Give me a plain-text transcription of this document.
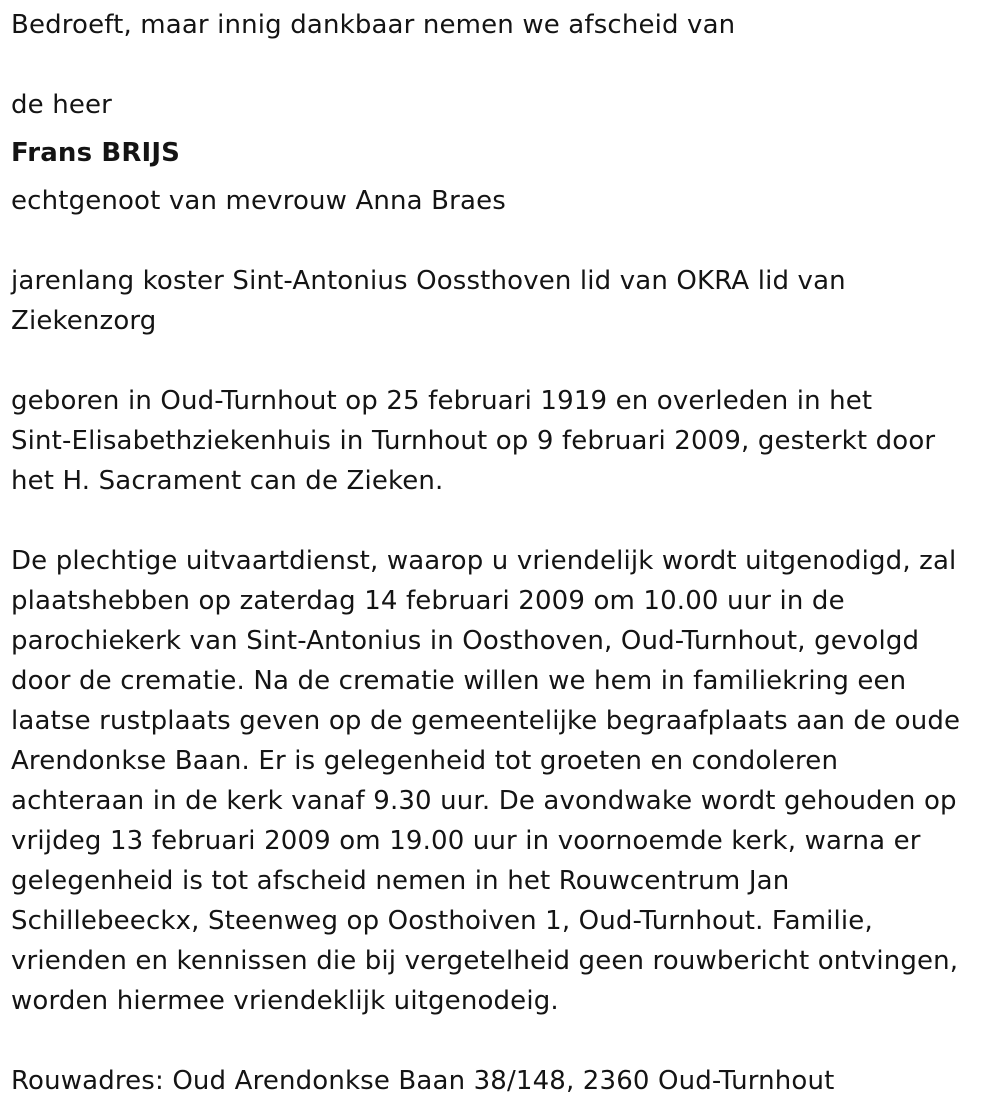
Bedroeft, maar innig dankbaar nemen we afscheid van
de heer
Frans BRIJS
echtgenoot van mevrouw Anna Braes
jarenlang koster Sint-Antonius Oossthoven lid van OKRA lid van
Ziekenzorg
geboren in Oud-Turnhout op 25 februari 1919 en overleden in het
Sint-Elisabethziekenhuis in Turnhout op 9 februari 2009, gesterkt door
het H. Sacrament can de Zieken.
De plechtige uitvaartdienst, waarop u vriendelijk wordt uitgenodigd, zal
plaatshebben op zaterdag 14 februari 2009 om 10.00 uur in de
parochiekerk van Sint-Antonius in Oosthoven, Oud-Turnhout, gevolgd
door de crematie. Na de crematie willen we hem in familiekring een
laatse rustplaats geven op de gemeentelijke begraafplaats aan de oude
Arendonkse Baan. Er is gelegenheid tot groeten en condoleren
achteraan in de kerk vanaf 9.30 uur. De avondwake wordt gehouden op
vrijdeg 13 februari 2009 om 19.00 uur in voornoemde kerk, warna er
gelegenheid is tot afscheid nemen in het Rouwcentrum Jan
Schillebeeckx, Steenweg op Oosthoiven 1, Oud-Turnhout. Familie,
vrienden en kennissen die bij vergetelheid geen rouwbericht ontvingen,
worden hiermee vriendeklijk uitgenodeig.
Rouwadres: Oud Arendonkse Baan 38/148, 2360 Oud-Turnhout
